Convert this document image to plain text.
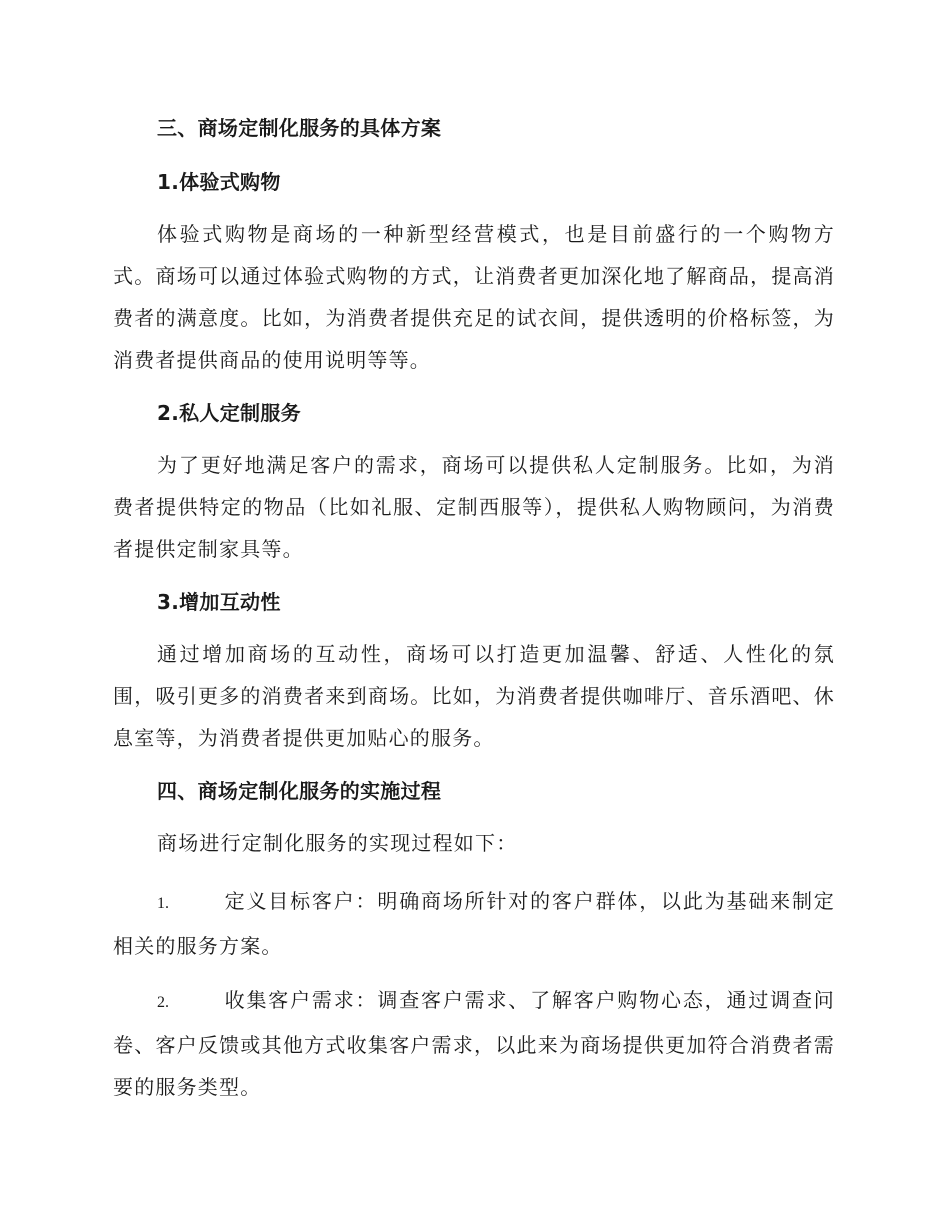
三、商场定制化服务的具体方案
1.体验式购物

体验式购物是商场的一种新型经营模式，也是目前盛行的一个购物方式。商场可以通过体验式购物的方式，让消费者更加深化地了解商品，提高消费者的满意度。比如，为消费者提供充足的试衣间，提供透明的价格标签，为消费者提供商品的使用说明等等。

2.私人定制服务

为了更好地满足客户的需求，商场可以提供私人定制服务。比如，为消费者提供特定的物品（比如礼服、定制西服等），提供私人购物顾问，为消费者提供定制家具等。

3.增加互动性

通过增加商场的互动性，商场可以打造更加温馨、舒适、人性化的氛围，吸引更多的消费者来到商场。比如，为消费者提供咖啡厅、音乐酒吧、休息室等，为消费者提供更加贴心的服务。

四、商场定制化服务的实施过程

商场进行定制化服务的实现过程如下：

1.	定义目标客户：明确商场所针对的客户群体，以此为基础来制定相关的服务方案。

2.	收集客户需求：调查客户需求、了解客户购物心态，通过调查问卷、客户反馈或其他方式收集客户需求，以此来为商场提供更加符合消费者需要的服务类型。
